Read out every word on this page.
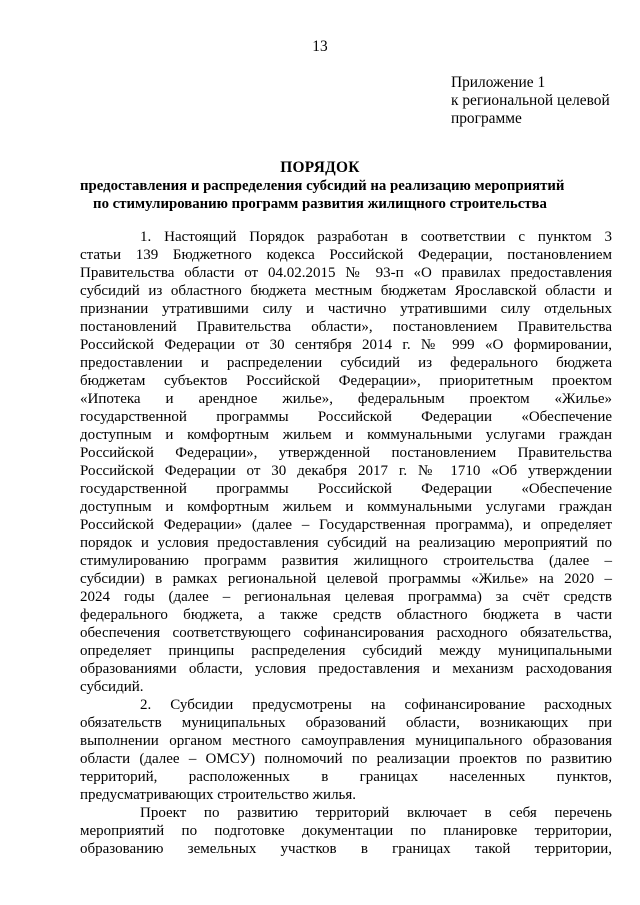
13
Приложение 1
к региональной целевой
программе
ПОРЯДОК
предоставления и распределения субсидий на реализацию мероприятий
по стимулированию программ развития жилищного строительства
1. Настоящий Порядок разработан в соответствии с пунктом 3
статьи 139 Бюджетного кодекса Российской Федерации, постановлением
Правительства области от 04.02.2015 № 93-п «О правилах предоставления
субсидий из областного бюджета местным бюджетам Ярославской области и
признании утратившими силу и частично утратившими силу отдельных
постановлений Правительства области», постановлением Правительства
Российской Федерации от 30 сентября 2014 г. № 999 «О формировании,
предоставлении и распределении субсидий из федерального бюджета
бюджетам субъектов Российской Федерации», приоритетным проектом
«Ипотека и арендное жилье», федеральным проектом «Жилье»
государственной программы Российской Федерации «Обеспечение
доступным и комфортным жильем и коммунальными услугами граждан
Российской Федерации», утвержденной постановлением Правительства
Российской Федерации от 30 декабря 2017 г. № 1710 «Об утверждении
государственной программы Российской Федерации «Обеспечение
доступным и комфортным жильем и коммунальными услугами граждан
Российской Федерации» (далее – Государственная программа), и определяет
порядок и условия предоставления субсидий на реализацию мероприятий по
стимулированию программ развития жилищного строительства (далее –
субсидии) в рамках региональной целевой программы «Жилье» на 2020 –
2024 годы (далее – региональная целевая программа) за счёт средств
федерального бюджета, а также средств областного бюджета в части
обеспечения соответствующего софинансирования расходного обязательства,
определяет принципы распределения субсидий между муниципальными
образованиями области, условия предоставления и механизм расходования
субсидий.
2. Субсидии предусмотрены на софинансирование расходных
обязательств муниципальных образований области, возникающих при
выполнении органом местного самоуправления муниципального образования
области (далее – ОМСУ) полномочий по реализации проектов по развитию
территорий, расположенных в границах населенных пунктов,
предусматривающих строительство жилья.
Проект по развитию территорий включает в себя перечень
мероприятий по подготовке документации по планировке территории,
образованию земельных участков в границах такой территории,
